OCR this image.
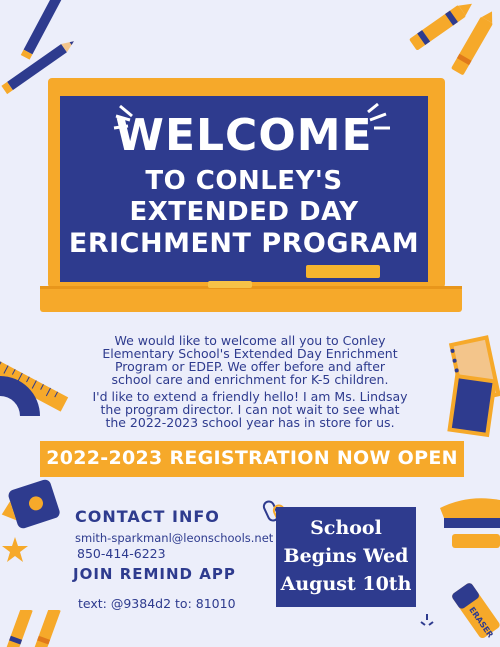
WELCOME
TO CONLEY'S
EXTENDED DAY
ERICHMENT PROGRAM
We would like to welcome all you to Conley
Elementary School's Extended Day Enrichment
Program or EDEP. We offer before and after
school care and enrichment for K-5 children.
I'd like to extend a friendly hello! I am Ms. Lindsay
the program director. I can not wait to see what
the 2022-2023 school year has in store for us.
2022-2023 REGISTRATION NOW OPEN
CONTACT INFO
smith-sparkmanl@leonschools.net
850-414-6223
JOIN REMIND APP
text: @9384d2 to: 81010
School
Begins Wed
August 10th
ERASER
